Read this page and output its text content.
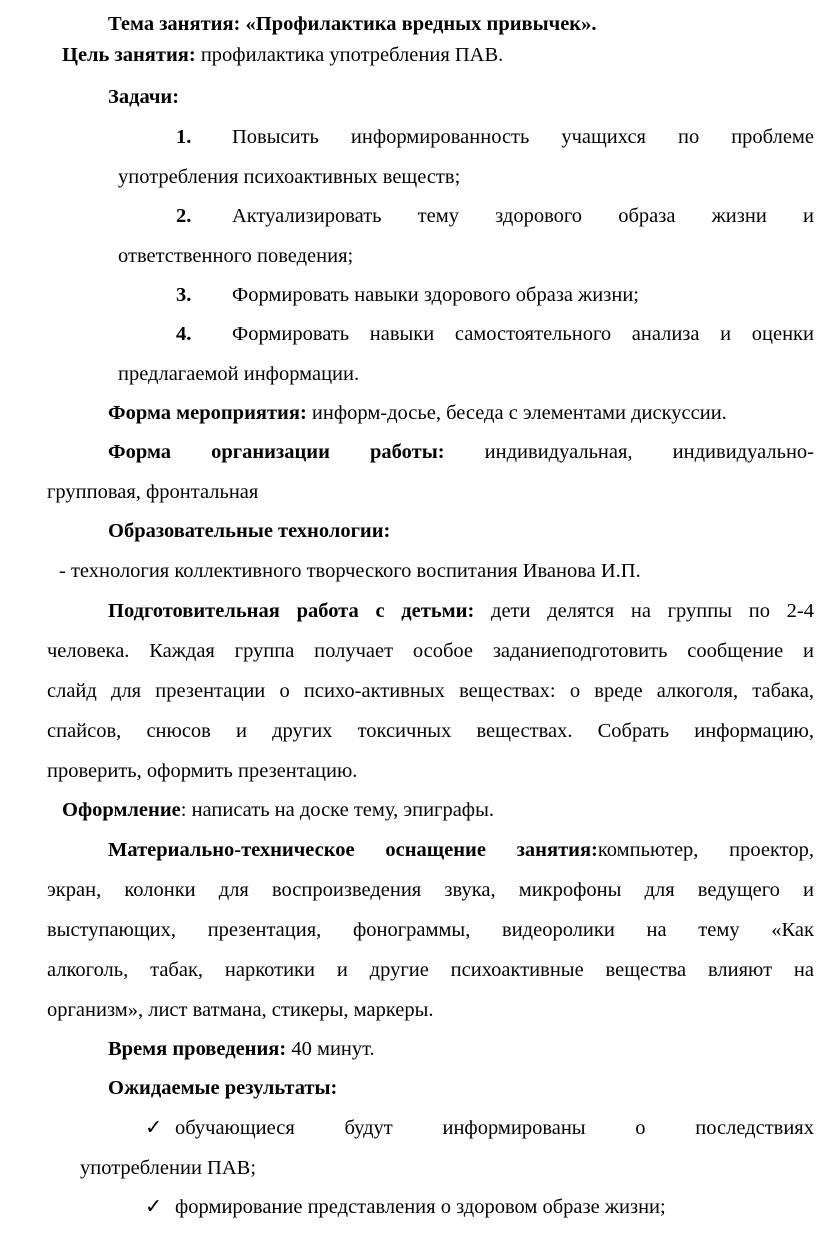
Тема занятия: «Профилактика вредных привычек».
Цель занятия: профилактика употребления ПАВ.
Задачи:
1. Повысить информированность учащихся по проблеме
употребления психоактивных веществ;
2. Актуализировать тему здорового образа жизни и
ответственного поведения;
3. Формировать навыки здорового образа жизни;
4. Формировать навыки самостоятельного анализа и оценки
предлагаемой информации.
Форма мероприятия: информ-досье, беседа с элементами дискуссии.
Форма организации работы: индивидуальная, индивидуально-
групповая, фронтальная
Образовательные технологии:
- технология коллективного творческого воспитания Иванова И.П.
Подготовительная работа с детьми: дети делятся на группы по 2-4
человека. Каждая группа получает особое заданиеподготовить сообщение и
слайд для презентации о психо-активных веществах: о вреде алкоголя, табака,
спайсов, снюсов и других токсичных веществах. Собрать информацию,
проверить, оформить презентацию.
Оформление: написать на доске тему, эпиграфы.
Материально-техническое оснащение занятия:компьютер, проектор,
экран, колонки для воспроизведения звука, микрофоны для ведущего и
выступающих, презентация, фонограммы, видеоролики на тему «Как
алкоголь, табак, наркотики и другие психоактивные вещества влияют на
организм», лист ватмана, стикеры, маркеры.
Время проведения: 40 минут.
Ожидаемые результаты:
✓ обучающиеся будут информированы о последствиях
употреблении ПАВ;
✓ формирование представления о здоровом образе жизни;
